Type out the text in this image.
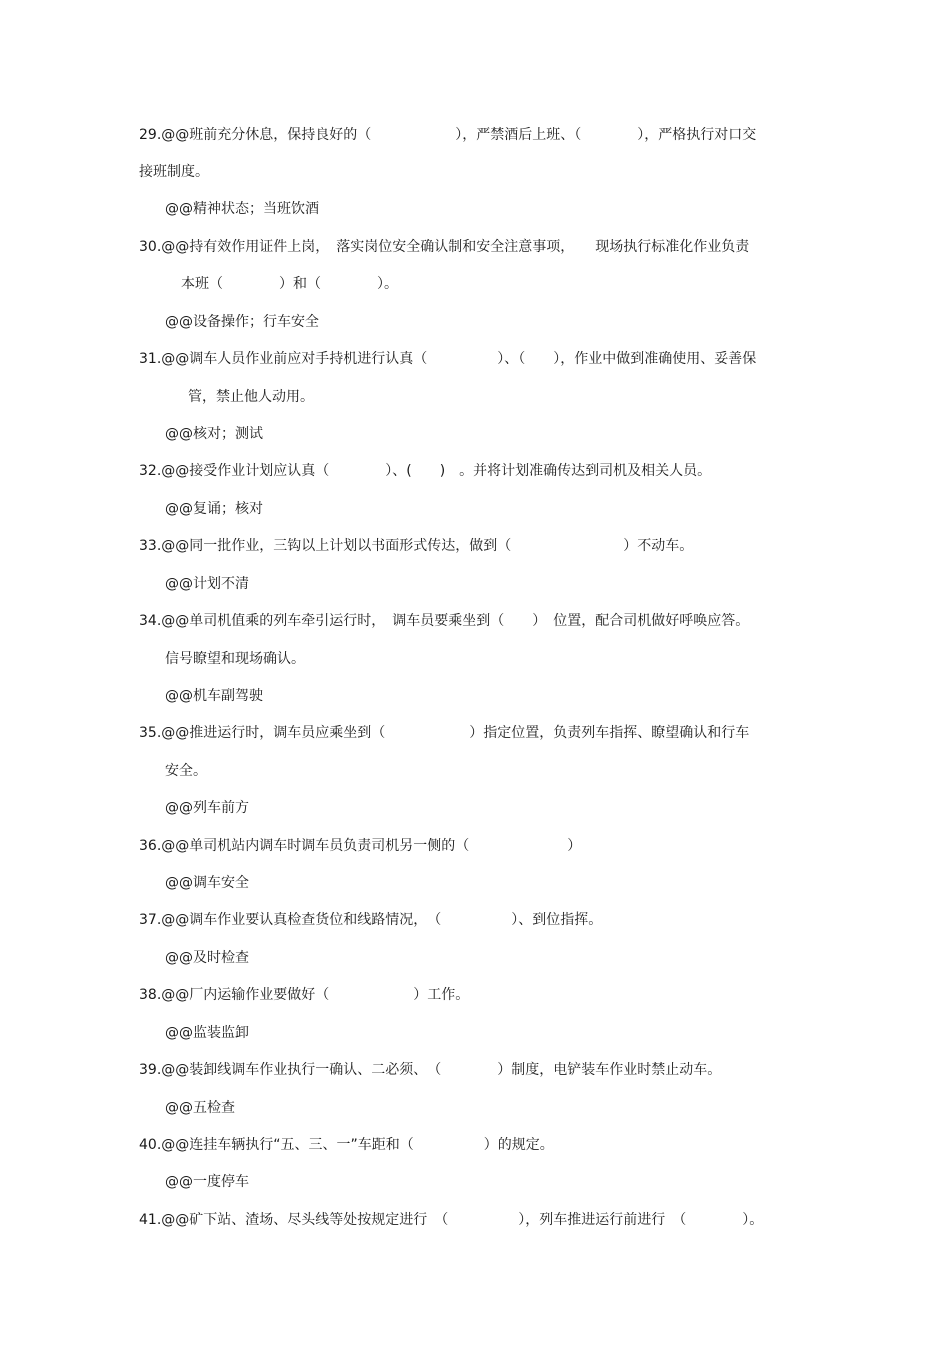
29.@@班前充分休息，保持良好的（　　　　　　），严禁酒后上班、（　　　　），严格执行对口交

接班制度。

@@精神状态；当班饮酒

30.@@持有效作用证件上岗，　落实岗位安全确认制和安全注意事项，　　现场执行标准化作业负责

本班（　　　　）和（　　　　）。

@@设备操作；行车安全

31.@@调车人员作业前应对手持机进行认真（　　　　　）、（　　），作业中做到准确使用、妥善保

管，禁止他人动用。

@@核对；测试

32.@@接受作业计划应认真（　　　　）、(　　)　。并将计划准确传达到司机及相关人员。

@@复诵；核对

33.@@同一批作业，三钩以上计划以书面形式传达，做到（　　　　　　　　）不动车。

@@计划不清

34.@@单司机值乘的列车牵引运行时，　调车员要乘坐到（　　）　位置，配合司机做好呼唤应答。

信号瞭望和现场确认。

@@机车副驾驶

35.@@推进运行时，调车员应乘坐到（　　　　　　）指定位置，负责列车指挥、瞭望确认和行车

安全。

@@列车前方

36.@@单司机站内调车时调车员负责司机另一侧的（　　　　　　　）

@@调车安全

37.@@调车作业要认真检查货位和线路情况，　（　　　　　）、到位指挥。

@@及时检查

38.@@厂内运输作业要做好（　　　　　　）工作。

@@监装监卸

39.@@装卸线调车作业执行一确认、二必须、　（　　　　）制度，电铲装车作业时禁止动车。

@@五检查

40.@@连挂车辆执行“五、三、一”车距和（　　　　　）的规定。

@@一度停车

41.@@矿下站、渣场、尽头线等处按规定进行　（　　　　　），列车推进运行前进行　（　　　　）。
